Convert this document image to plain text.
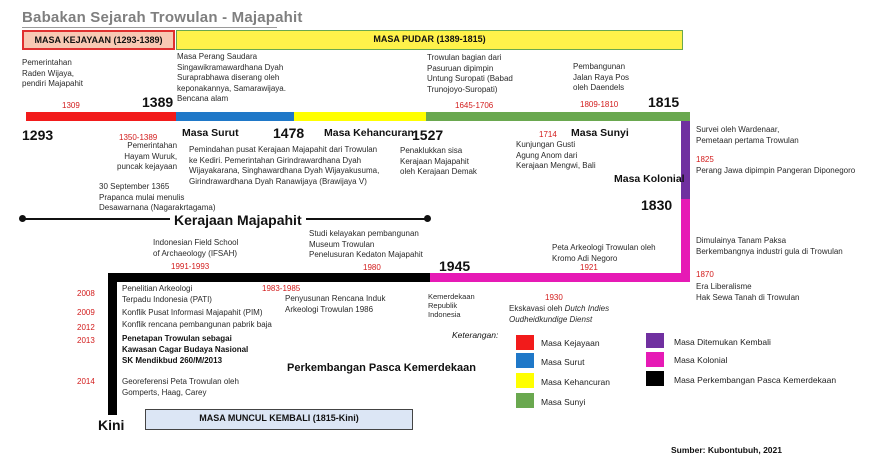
Babakan Sejarah Trowulan - Majapahit
MASA KEJAYAAN (1293-1389)	MASA PUDAR (1389-1815)
MASA MUNCUL KEMBALI (1815-Kini)
Kerajaan Majapahit
1293
1389
1478	1527
1815
1830
1945
Kini
Masa Surut	Masa Kehancuran	Masa Sunyi
Masa Kolonial
Perkembangan Pasca Kemerdekaan
Pemerintahan
Raden Wijaya,
pendiri Majapahit
1309
Masa Perang Saudara
Singawikramawardhana Dyah
Suraprabhawa diserang oleh
keponakannya, Samarawijaya.
Bencana alam
Trowulan bagian dari
Pasuruan dipimpin
Untung Suropati (Babad
Trunojoyo-Suropati)
1645-1706
Pembangunan
Jalan Raya Pos
oleh Daendels
1809-1810
1350-1389
Pemerintahan
Hayam Wuruk,
puncak kejayaan
30 September 1365
Prapanca mulai menulis
Desawarnana (Nagarakrtagama)
Pemindahan pusat Kerajaan Majapahit dari Trowulan
ke Kediri. Pemerintahan Girindrawardhana Dyah
Wijayakarana, Singhawardhana Dyah Wijayakusuma,
Girindrawardhana Dyah Ranawijaya (Brawijaya V)
Penaklukkan sisa
Kerajaan Majapahit
oleh Kerajaan Demak
1714
Kunjungan Gusti
Agung Anom dari
Kerajaan Mengwi, Bali
Survei oleh Wardenaar,
Pemetaan pertama Trowulan
1825
Perang Jawa dipimpin Pangeran Diponegoro
Dimulainya Tanam Paksa
Berkembangnya industri gula di Trowulan
1870
Era Liberalisme
Hak Sewa Tanah di Trowulan
Peta Arkeologi Trowulan oleh
Kromo Adi Negoro
1921
Studi kelayakan pembangunan
Museum Trowulan
Penelusuran Kedaton Majapahit
1980
Indonesian Field School
of Archaeology (IFSAH)
1991-1993
1983-1985
Penyusunan Rencana Induk
Arkeologi Trowulan 1986
Kemerdekaan
Republik
Indonesia
1930
Ekskavasi oleh Dutch Indies
Oudheidkundige Dienst
2008
Penelitian Arkeologi
Terpadu Indonesia (PATI)
2009	Konflik Pusat Informasi Majapahit (PIM)
2012	Konflik rencana pembangunan pabrik baja
2013	Penetapan Trowulan sebagai
Kawasan Cagar Budaya Nasional
SK Mendikbud 260/M/2013
2014	Georeferensi Peta Trowulan oleh
Gomperts, Haag, Carey
Keterangan:
Masa Kejayaan
Masa Surut
Masa Kehancuran
Masa Sunyi
Masa Ditemukan Kembali
Masa Kolonial
Masa Perkembangan Pasca Kemerdekaan
Sumber: Kubontubuh, 2021
